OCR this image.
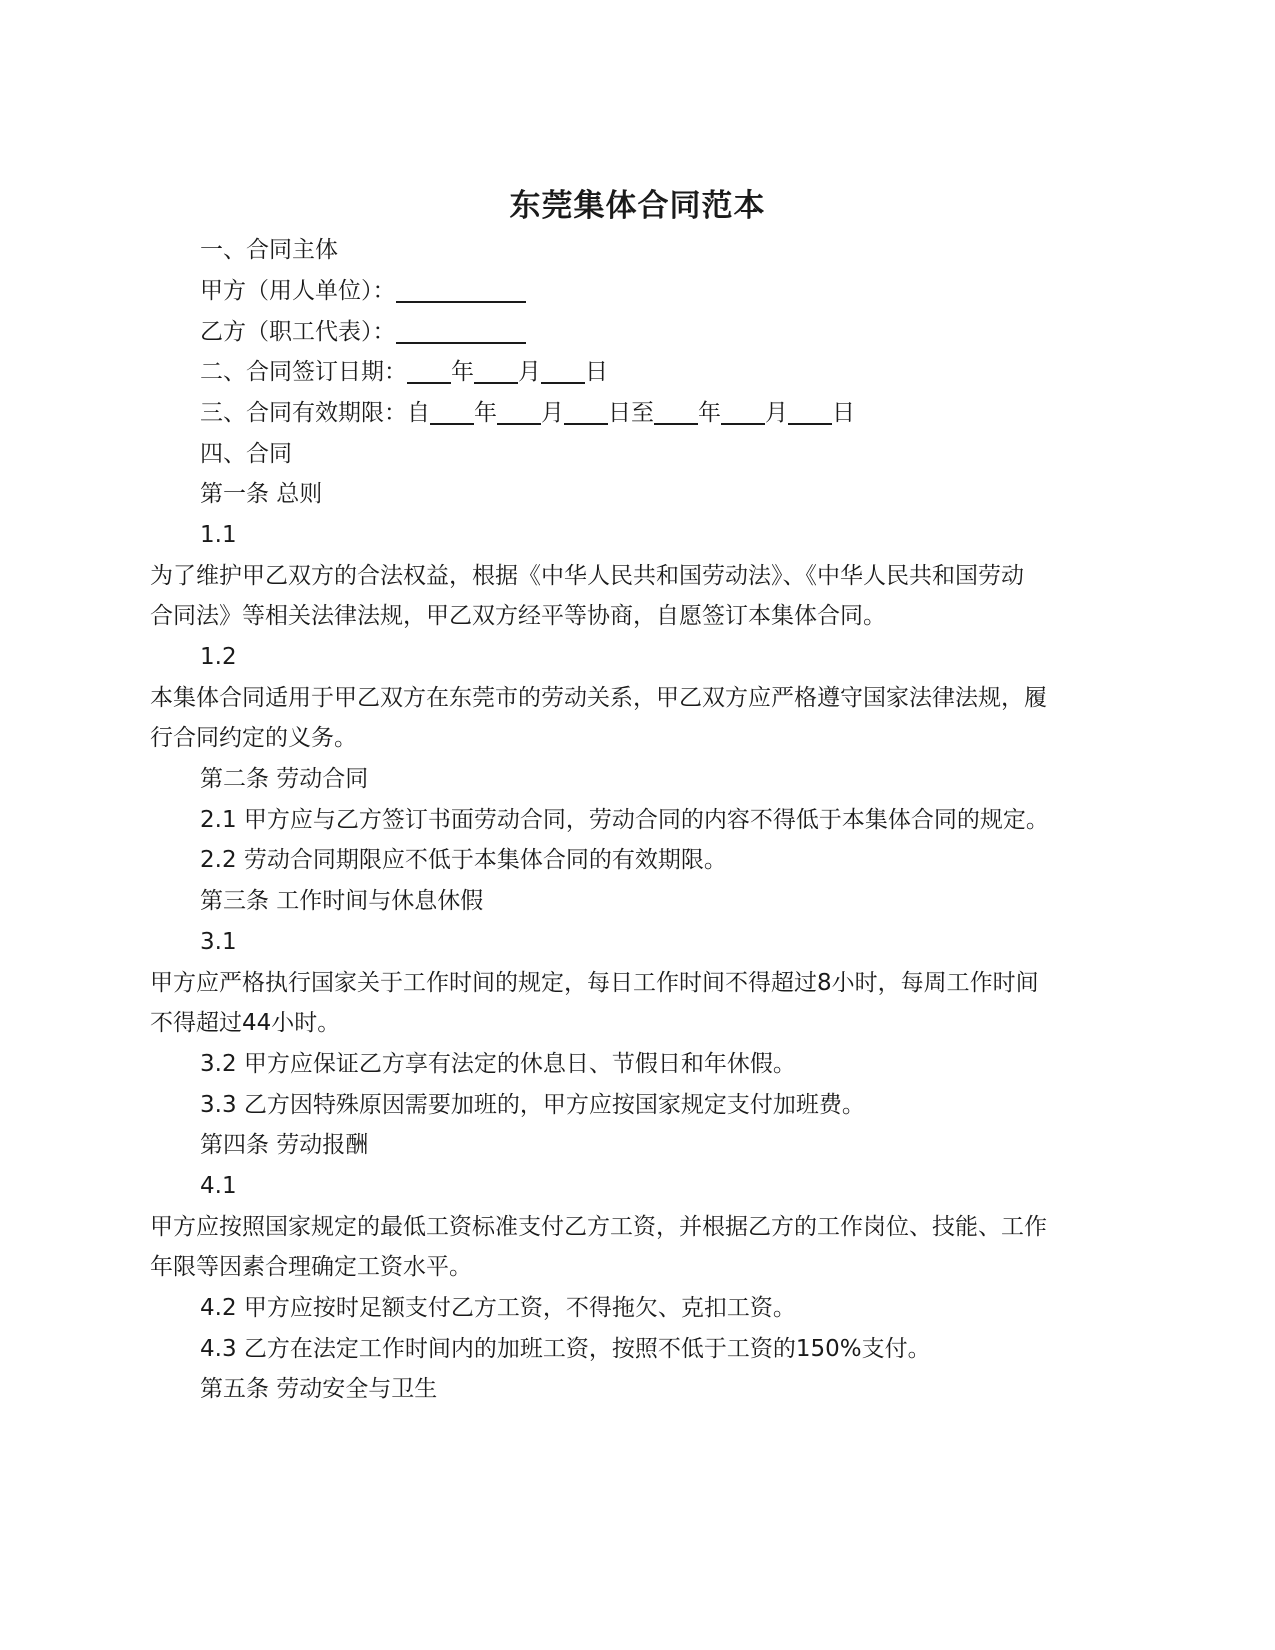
东莞集体合同范本
一、合同主体
甲方（用人单位）：
乙方（职工代表）：
二、合同签订日期： 年 月 日
三、合同有效期限：自 年 月 日至 年 月 日
四、合同
第一条 总则
1.1
为了维护甲乙双方的合法权益，根据《中华人民共和国劳动法》、《中华人民共和国劳动
合同法》等相关法律法规，甲乙双方经平等协商，自愿签订本集体合同。
1.2
本集体合同适用于甲乙双方在东莞市的劳动关系，甲乙双方应严格遵守国家法律法规，履
行合同约定的义务。
第二条 劳动合同
2.1 甲方应与乙方签订书面劳动合同，劳动合同的内容不得低于本集体合同的规定。
2.2 劳动合同期限应不低于本集体合同的有效期限。
第三条 工作时间与休息休假
3.1
甲方应严格执行国家关于工作时间的规定，每日工作时间不得超过8小时，每周工作时间
不得超过44小时。
3.2 甲方应保证乙方享有法定的休息日、节假日和年休假。
3.3 乙方因特殊原因需要加班的，甲方应按国家规定支付加班费。
第四条 劳动报酬
4.1
甲方应按照国家规定的最低工资标准支付乙方工资，并根据乙方的工作岗位、技能、工作
年限等因素合理确定工资水平。
4.2 甲方应按时足额支付乙方工资，不得拖欠、克扣工资。
4.3 乙方在法定工作时间内的加班工资，按照不低于工资的150%支付。
第五条 劳动安全与卫生
